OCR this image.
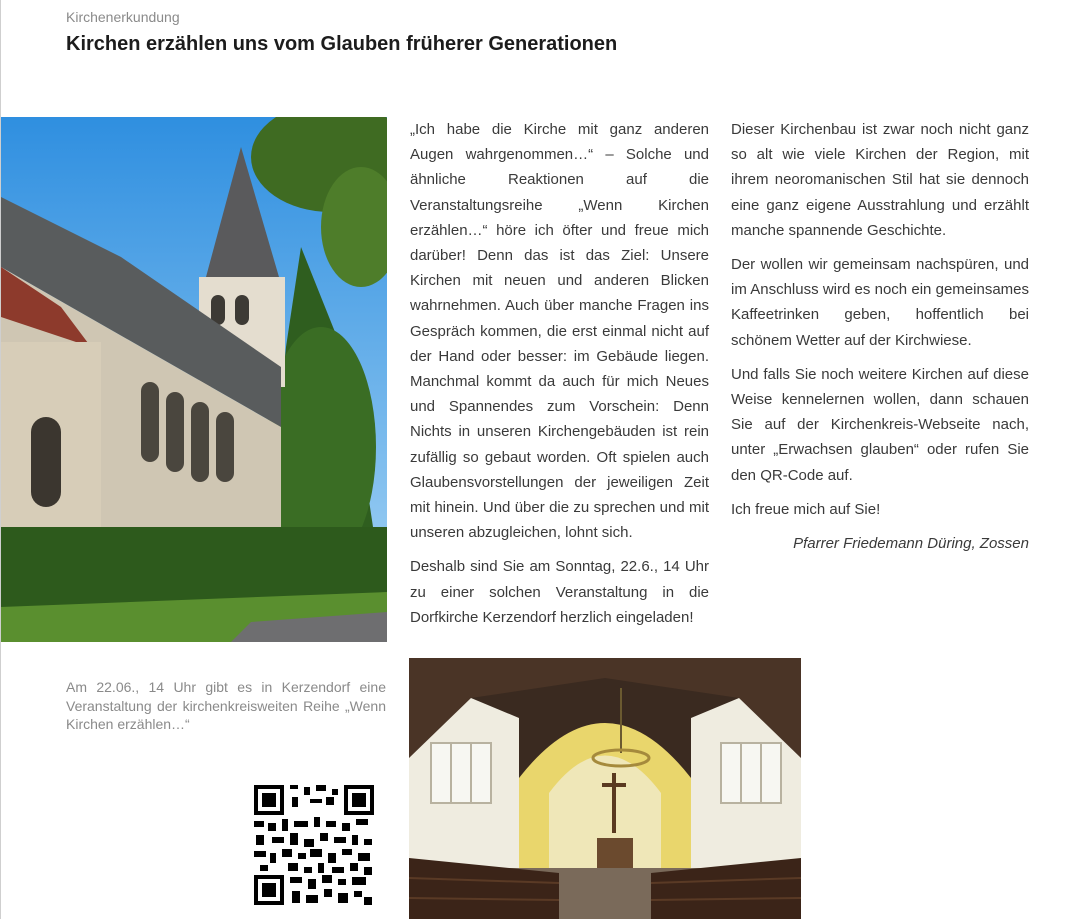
Kirchenerkundung
Kirchen erzählen uns vom Glauben früherer Generationen

„Ich habe die Kirche mit ganz anderen Augen wahrgenommen…“ – Solche und ähnliche Reaktionen auf die Veranstaltungsreihe „Wenn Kirchen erzählen…“ höre ich öfter und freue mich darüber! Denn das ist das Ziel: Unsere Kirchen mit neuen und anderen Blicken wahrnehmen. Auch über manche Fragen ins Gespräch kommen, die erst einmal nicht auf der Hand oder besser: im Gebäude liegen. Manchmal kommt da auch für mich Neues und Spannendes zum Vorschein: Denn Nichts in unseren Kirchengebäuden ist rein zufällig so gebaut worden. Oft spielen auch Glaubensvorstellungen der jeweiligen Zeit mit hinein. Und über die zu sprechen und mit unseren abzugleichen, lohnt sich.

Deshalb sind Sie am Sonntag, 22.6., 14 Uhr zu einer solchen Veranstaltung in die Dorfkirche Kerzendorf herzlich eingeladen!

Dieser Kirchenbau ist zwar noch nicht ganz so alt wie viele Kirchen der Region, mit ihrem neoromanischen Stil hat sie dennoch eine ganz eigene Ausstrahlung und erzählt manche spannende Geschichte.

Der wollen wir gemeinsam nachspüren, und im Anschluss wird es noch ein gemeinsames Kaffeetrinken geben, hoffentlich bei schönem Wetter auf der Kirchwiese.

Und falls Sie noch weitere Kirchen auf diese Weise kennelernen wollen, dann schauen Sie auf der Kirchenkreis-Webseite nach, unter „Erwachsen glauben“ oder rufen Sie den QR-Code auf.

Ich freue mich auf Sie!

Pfarrer Friedemann Düring, Zossen
Am 22.06., 14 Uhr gibt es in Kerzendorf eine Veranstaltung der kirchenkreisweiten Reihe „Wenn Kirchen erzählen…“
